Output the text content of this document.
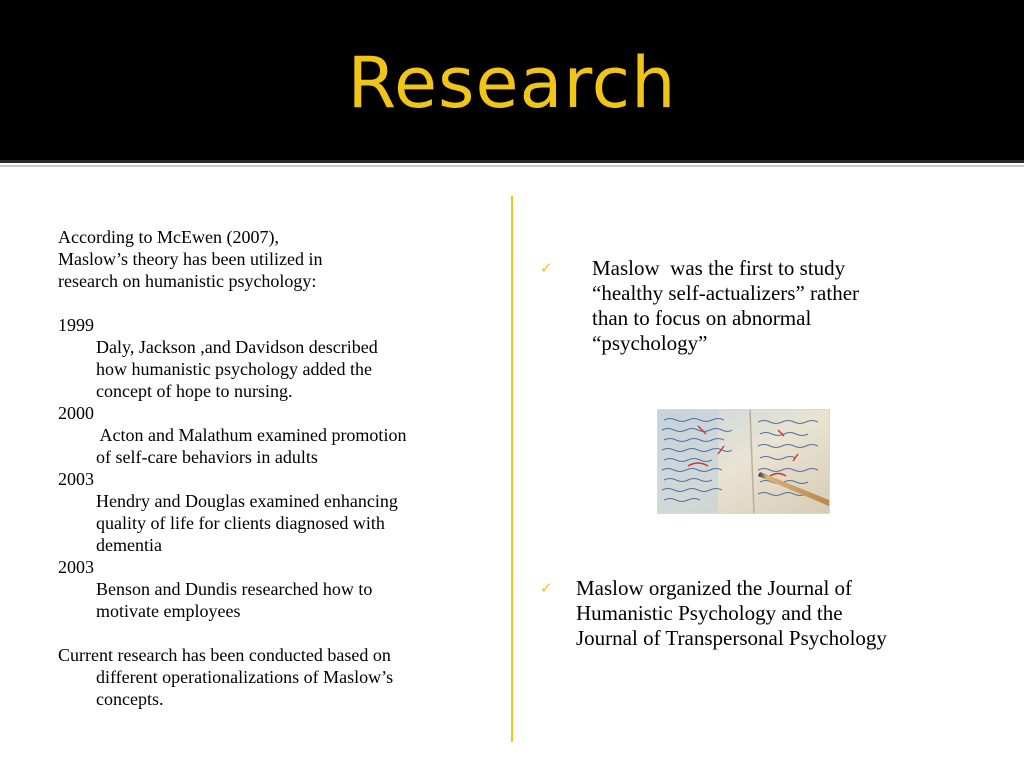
Research
According to McEwen (2007),
Maslow’s theory has been utilized in
research on humanistic psychology:
1999
Daly, Jackson ,and Davidson described
how humanistic psychology added the
concept of hope to nursing.
2000
Acton and Malathum examined promotion
of self-care behaviors in adults
2003
Hendry and Douglas examined enhancing
quality of life for clients diagnosed with
dementia
2003
Benson and Dundis researched how to
motivate employees
Current research has been conducted based on
different operationalizations of Maslow’s
concepts.
✓ Maslow  was the first to study
“healthy self-actualizers” rather
than to focus on abnormal
“psychology”
✓ Maslow organized the Journal of
Humanistic Psychology and the
Journal of Transpersonal Psychology
